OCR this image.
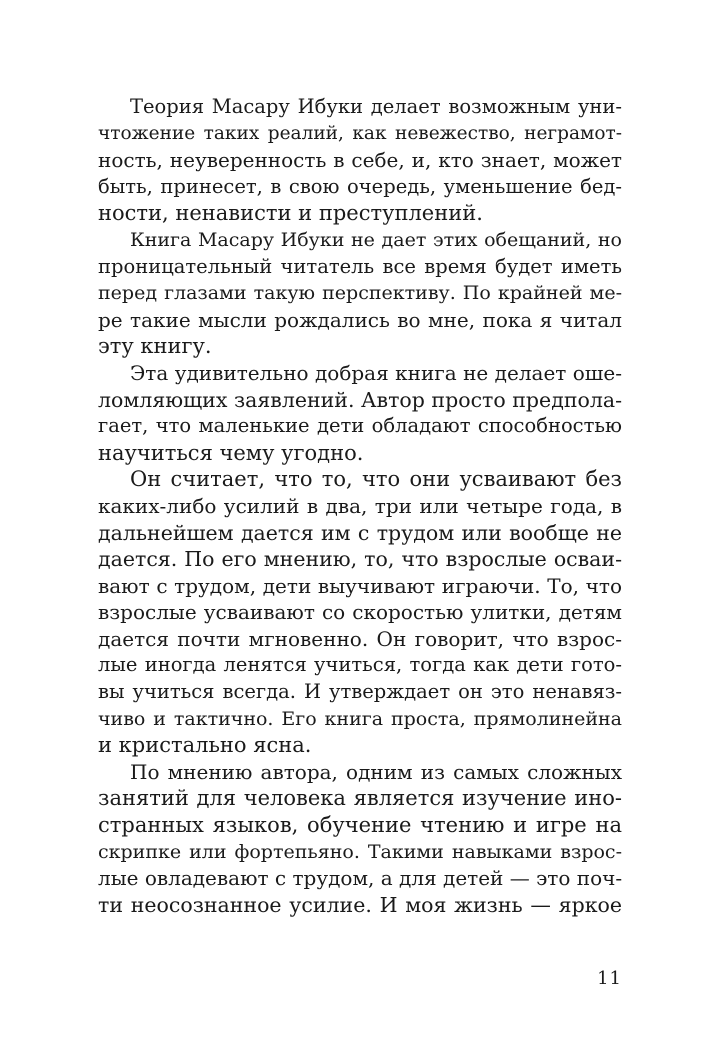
Теория Масару Ибуки делает возможным уни-
чтожение таких реалий, как невежество, неграмот-
ность, неуверенность в себе, и, кто знает, может
быть, принесет, в свою очередь, уменьшение бед-
ности, ненависти и преступлений.
Книга Масару Ибуки не дает этих обещаний, но
проницательный читатель все время будет иметь
перед глазами такую перспективу. По крайней ме-
ре такие мысли рождались во мне, пока я читал
эту книгу.
Эта удивительно добрая книга не делает оше-
ломляющих заявлений. Автор просто предпола-
гает, что маленькие дети обладают способностью
научиться чему угодно.
Он считает, что то, что они усваивают без
каких-либо усилий в два, три или четыре года, в
дальнейшем дается им с трудом или вообще не
дается. По его мнению, то, что взрослые осваи-
вают с трудом, дети выучивают играючи. То, что
взрослые усваивают со скоростью улитки, детям
дается почти мгновенно. Он говорит, что взрос-
лые иногда ленятся учиться, тогда как дети гото-
вы учиться всегда. И утверждает он это ненавяз-
чиво и тактично. Его книга проста, прямолинейна
и кристально ясна.
По мнению автора, одним из самых сложных
занятий для человека является изучение ино-
странных языков, обучение чтению и игре на
скрипке или фортепьяно. Такими навыками взрос-
лые овладевают с трудом, а для детей — это поч-
ти неосознанное усилие. И моя жизнь — яркое
11
